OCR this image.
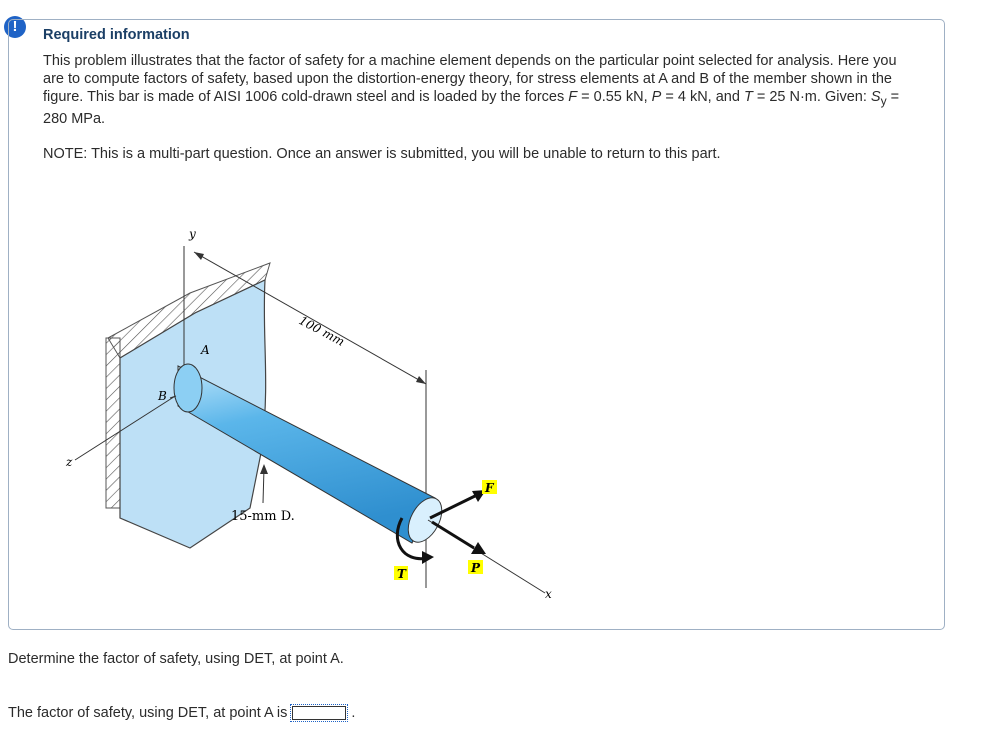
!	Required information

This problem illustrates that the factor of safety for a machine element depends on the particular point selected for analysis. Here you are to compute factors of safety, based upon the distortion-energy theory, for stress elements at A and B of the member shown in the figure. This bar is made of AISI 1006 cold-drawn steel and is loaded by the forces F = 0.55 kN, P = 4 kN, and T = 25 N·m. Given: $S_y = 280$ MPa.

NOTE: This is a multi-part question. Once an answer is submitted, you will be unable to return to this part.

y
z
100 mm
A
B
x
15-mm D.
T
F
P

Determine the factor of safety, using DET, at point A.

The factor of safety, using DET, at point A is	.
